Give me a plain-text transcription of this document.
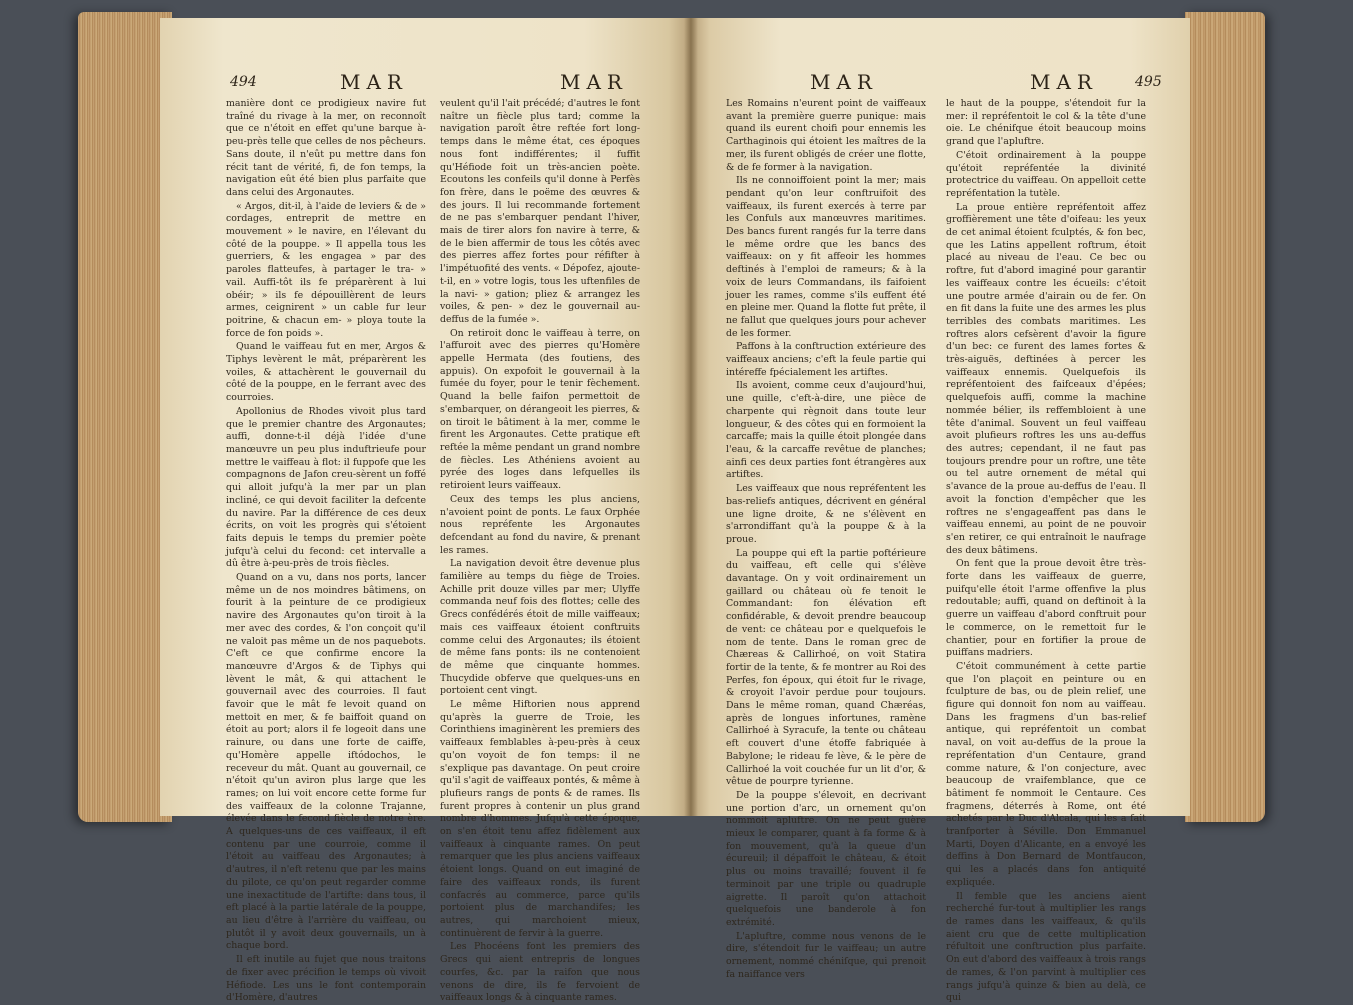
494	MAR	MAR

manière dont ce prodigieux navire fut traîné du rivage à la mer, on reconnoît que ce n'étoit en effet qu'une barque à-peu-près telle que celles de nos pêcheurs. Sans doute, il n'eût pu mettre dans fon récit tant de vérité, fi, de fon temps, la navigation eût été bien plus parfaite que dans celui des Argonautes.

« Argos, dit-il, à l'aide de leviers & de » cordages, entreprit de mettre en mouvement » le navire, en l'élevant du côté de la pouppe. » Il appella tous les guerriers, & les engagea » par des paroles flatteufes, à partager le tra- » vail. Auffi-tôt ils fe préparèrent à lui obéir; » ils fe dépouillèrent de leurs armes, ceignirent » un cable fur leur poitrine, & chacun em- » ploya toute la force de fon poids ».

Quand le vaiffeau fut en mer, Argos & Tiphys levèrent le mât, préparèrent les voiles, & attachèrent le gouvernail du côté de la pouppe, en le ferrant avec des courroies.

Apollonius de Rhodes vivoit plus tard que le premier chantre des Argonautes; auffi, donne-t-il déjà l'idée d'une manœuvre un peu plus induftrieufe pour mettre le vaiffeau à flot: il fuppofe que les compagnons de Jafon creu-sèrent un foffé qui alloit jufqu'à la mer par un plan incliné, ce qui devoit faciliter la defcente du navire. Par la différence de ces deux écrits, on voit les progrès qui s'étoient faits depuis le temps du premier poète jufqu'à celui du fecond: cet intervalle a dû être à-peu-près de trois fiècles.

Quand on a vu, dans nos ports, lancer même un de nos moindres bâtimens, on fourit à la peinture de ce prodigieux navire des Argonautes qu'on tiroit à la mer avec des cordes, & l'on conçoit qu'il ne valoit pas même un de nos paquebots. C'eft ce que confirme encore la manœuvre d'Argos & de Tiphys qui lèvent le mât, & qui attachent le gouvernail avec des courroies. Il faut favoir que le mât fe levoit quand on mettoit en mer, & fe baiffoit quand on étoit au port; alors il fe logeoit dans une rainure, ou dans une forte de caiffe, qu'Homère appelle iftódochos, le receveur du mât. Quant au gouvernail, ce n'étoit qu'un aviron plus large que les rames; on lui voit encore cette forme fur des vaiffeaux de la colonne Trajanne, élevée dans le fecond fiècle de notre ère. A quelques-uns de ces vaiffeaux, il eft contenu par une courroie, comme il l'étoit au vaiffeau des Argonautes; à d'autres, il n'eft retenu que par les mains du pilote, ce qu'on peut regarder comme une inexactitude de l'artifte: dans tous, il eft placé à la partie latérale de la pouppe, au lieu d'être à l'arrière du vaiffeau, ou plutôt il y avoit deux gouvernails, un à chaque bord.

Il eft inutile au fujet que nous traitons de fixer avec précifion le temps où vivoit Héfiode. Les uns le font contemporain d'Homère, d'autres

veulent qu'il l'ait précédé; d'autres le font naître un fiècle plus tard; comme la navigation paroît être reftée fort long-temps dans le même état, ces époques nous font indifférentes; il fuffit qu'Héfiode foit un très-ancien poète. Ecoutons les confeils qu'il donne à Perfès fon frère, dans le poëme des œuvres & des jours. Il lui recommande fortement de ne pas s'embarquer pendant l'hiver, mais de tirer alors fon navire à terre, & de le bien affermir de tous les côtés avec des pierres affez fortes pour réfifter à l'impétuofité des vents. « Dépofez, ajoute-t-il, en » votre logis, tous les uftenfiles de la navi- » gation; pliez & arrangez les voiles, & pen- » dez le gouvernail au-deffus de la fumée ».

On retiroit donc le vaiffeau à terre, on l'affuroit avec des pierres qu'Homère appelle Hermata (des foutiens, des appuis). On expofoit le gouvernail à la fumée du foyer, pour le tenir fèchement. Quand la belle faifon permettoit de s'embarquer, on dérangeoit les pierres, & on tiroit le bâtiment à la mer, comme le firent les Argonautes. Cette pratique eft reftée la même pendant un grand nombre de fiècles. Les Athéniens avoient au pyrée des loges dans lefquelles ils retiroient leurs vaiffeaux.

Ceux des temps les plus anciens, n'avoient point de ponts. Le faux Orphée nous repréfente les Argonautes defcendant au fond du navire, & prenant les rames.

La navigation devoit être devenue plus familière au temps du fiège de Troies. Achille prit douze villes par mer; Ulyffe commanda neuf fois des flottes; celle des Grecs confédérés étoit de mille vaiffeaux; mais ces vaiffeaux étoient conftruits comme celui des Argonautes; ils étoient de même fans ponts: ils ne contenoient de même que cinquante hommes. Thucydide obferve que quelques-uns en portoient cent vingt.

Le même Hiftorien nous apprend qu'après la guerre de Troie, les Corinthiens imaginèrent les premiers des vaiffeaux femblables à-peu-près à ceux qu'on voyoit de fon temps: il ne s'explique pas davantage. On peut croire qu'il s'agit de vaiffeaux pontés, & même à plufieurs rangs de ponts & de rames. Ils furent propres à contenir un plus grand nombre d'hommes. Jufqu'à cette époque, on s'en étoit tenu affez fidèlement aux vaiffeaux à cinquante rames. On peut remarquer que les plus anciens vaiffeaux étoient longs. Quand on eut imaginé de faire des vaiffeaux ronds, ils furent confacrés au commerce, parce qu'ils portoient plus de marchandifes; les autres, qui marchoient mieux, continuèrent de fervir à la guerre.

Les Phocéens font les premiers des Grecs qui aient entrepris de longues courfes, &c. par la raifon que nous venons de dire, ils fe fervoient de vaiffeaux longs & à cinquante rames.

MAR	MAR	495

Les Romains n'eurent point de vaiffeaux avant la première guerre punique: mais quand ils eurent choifi pour ennemis les Carthaginois qui étoient les maîtres de la mer, ils furent obligés de créer une flotte, & de fe former à la navigation.

Ils ne connoiffoient point la mer; mais pendant qu'on leur conftruifoit des vaiffeaux, ils furent exercés à terre par les Confuls aux manœuvres maritimes. Des bancs furent rangés fur la terre dans le même ordre que les bancs des vaiffeaux: on y fit affeoir les hommes deftinés à l'emploi de rameurs; & à la voix de leurs Commandans, ils faifoient jouer les rames, comme s'ils euffent été en pleine mer. Quand la flotte fut prête, il ne fallut que quelques jours pour achever de les former.

Paffons à la conftruction extérieure des vaiffeaux anciens; c'eft la feule partie qui intéreffe fpécialement les artiftes.

Ils avoient, comme ceux d'aujourd'hui, une quille, c'eft-à-dire, une pièce de charpente qui règnoit dans toute leur longueur, & des côtes qui en formoient la carcaffe; mais la quille étoit plongée dans l'eau, & la carcaffe revêtue de planches; ainfi ces deux parties font étrangères aux artiftes.

Les vaiffeaux que nous repréfentent les bas-reliefs antiques, décrivent en général une ligne droite, & ne s'élèvent en s'arrondiffant qu'à la pouppe & à la proue.

La pouppe qui eft la partie poftérieure du vaiffeau, eft celle qui s'élève davantage. On y voit ordinairement un gaillard ou château où fe tenoit le Commandant: fon élévation eft confidérable, & devoit prendre beaucoup de vent: ce château por e quelquefois le nom de tente. Dans le roman grec de Chæreas & Callirhoé, on voit Statira fortir de la tente, & fe montrer au Roi des Perfes, fon époux, qui étoit fur le rivage, & croyoit l'avoir perdue pour toujours. Dans le même roman, quand Chæréas, après de longues infortunes, ramène Callirhoé à Syracufe, la tente ou château eft couvert d'une étoffe fabriquée à Babylone; le rideau fe lève, & le père de Callirhoé la voit couchée fur un lit d'or, & vêtue de pourpre tyrienne.

De la pouppe s'élevoit, en decrivant une portion d'arc, un ornement qu'on nommoit apluftre. On ne peut guère mieux le comparer, quant à fa forme & à fon mouvement, qu'à la queue d'un écureuil; il dépaffoit le château, & étoit plus ou moins travaillé; fouvent il fe terminoit par une triple ou quadruple aigrette. Il paroît qu'on attachoit quelquefois une banderole à fon extrémité.

L'apluftre, comme nous venons de le dire, s'étendoit fur le vaiffeau; un autre ornement, nommé chéniſque, qui prenoit fa naiffance vers

le haut de la pouppe, s'étendoit fur la mer: il repréfentoit le col & la tête d'une oie. Le chénifque étoit beaucoup moins grand que l'apluftre.

C'étoit ordinairement à la pouppe qu'étoit repréfentée la divinité protectrice du vaiffeau. On appelloit cette repréfentation la tutèle.

La proue entière repréfentoit affez groffièrement une tête d'oifeau: les yeux de cet animal étoient fculptés, & fon bec, que les Latins appellent roftrum, étoit placé au niveau de l'eau. Ce bec ou roftre, fut d'abord imaginé pour garantir les vaiffeaux contre les écueils: c'étoit une poutre armée d'airain ou de fer. On en fit dans la fuite une des armes les plus terribles des combats maritimes. Les roftres alors cefsèrent d'avoir la figure d'un bec: ce furent des lames fortes & très-aiguës, deftinées à percer les vaiffeaux ennemis. Quelquefois ils repréfentoient des faifceaux d'épées; quelquefois auffi, comme la machine nommée bélier, ils reffembloient à une tête d'animal. Souvent un feul vaiffeau avoit plufieurs roftres les uns au-deffus des autres; cependant, il ne faut pas toujours prendre pour un roftre, une tête ou tel autre ornement de métal qui s'avance de la proue au-deffus de l'eau. Il avoit la fonction d'empêcher que les roftres ne s'engageaffent pas dans le vaiffeau ennemi, au point de ne pouvoir s'en retirer, ce qui entraînoit le naufrage des deux bâtimens.

On fent que la proue devoit être très-forte dans les vaiffeaux de guerre, puifqu'elle étoit l'arme offenfive la plus redoutable; auffi, quand on deftinoit à la guerre un vaiffeau d'abord conftruit pour le commerce, on le remettoit fur le chantier, pour en fortifier la proue de puiffans madriers.

C'étoit communément à cette partie que l'on plaçoit en peinture ou en fculpture de bas, ou de plein relief, une figure qui donnoit fon nom au vaiffeau. Dans les fragmens d'un bas-relief antique, qui repréfentoit un combat naval, on voit au-deffus de la proue la repréfentation d'un Centaure, grand comme nature, & l'on conjecture, avec beaucoup de vraifemblance, que ce bâtiment fe nommoit le Centaure. Ces fragmens, déterrés à Rome, ont été achetés par le Duc d'Alcala, qui les a fait tranfporter à Séville. Don Emmanuel Marti, Doyen d'Alicante, en a envoyé les deffins à Don Bernard de Montfaucon, qui les a placés dans fon antiquité expliquée.

Il femble que les anciens aient recherché fur-tout à multiplier les rangs de rames dans les vaiffeaux, & qu'ils aient cru que de cette multiplication réfultoit une conftruction plus parfaite. On eut d'abord des vaiffeaux à trois rangs de rames, & l'on parvint à multiplier ces rangs jufqu'à quinze & bien au delà, ce qui
